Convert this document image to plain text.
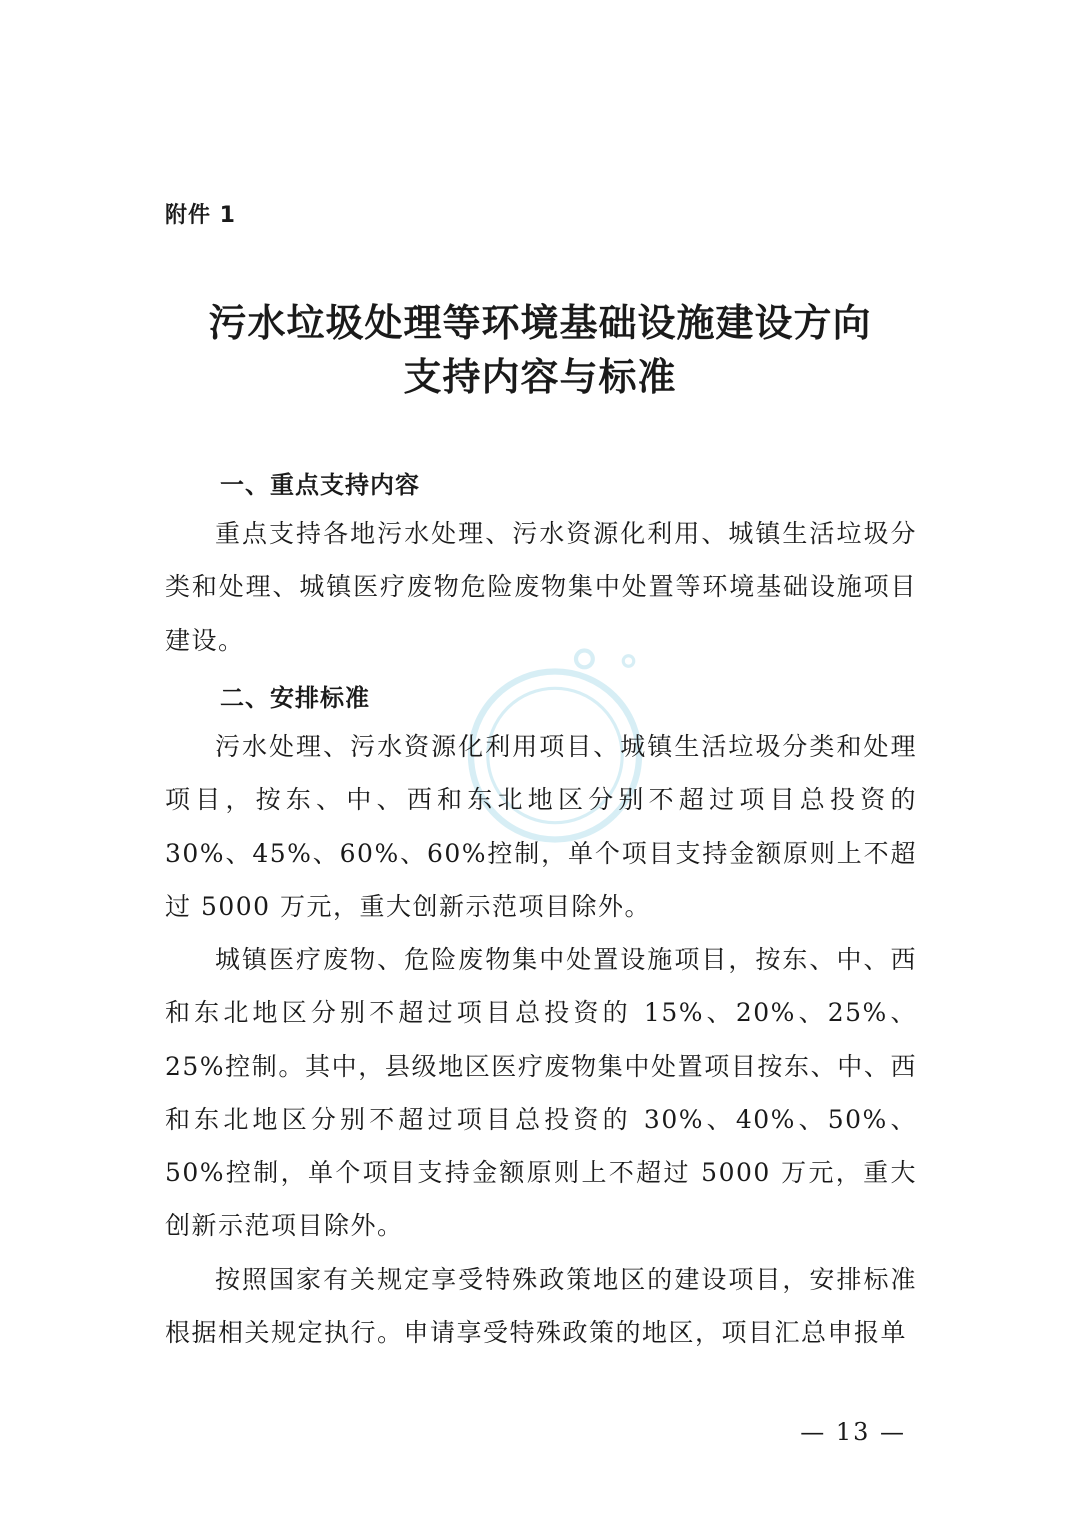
附件 1
污水垃圾处理等环境基础设施建设方向
支持内容与标准
一、重点支持内容

重点支持各地污水处理、污水资源化利用、城镇生活垃圾分类和处理、城镇医疗废物危险废物集中处置等环境基础设施项目建设。

二、安排标准

污水处理、污水资源化利用项目、城镇生活垃圾分类和处理项目，按东、中、西和东北地区分别不超过项目总投资的 30%、45%、60%、60%控制，单个项目支持金额原则上不超过 5000 万元，重大创新示范项目除外。

城镇医疗废物、危险废物集中处置设施项目，按东、中、西和东北地区分别不超过项目总投资的 15%、20%、25%、25%控制。其中，县级地区医疗废物集中处置项目按东、中、西和东北地区分别不超过项目总投资的 30%、40%、50%、50%控制，单个项目支持金额原则上不超过 5000 万元，重大创新示范项目除外。

按照国家有关规定享受特殊政策地区的建设项目，安排标准根据相关规定执行。申请享受特殊政策的地区，项目汇总申报单

— 13 —
